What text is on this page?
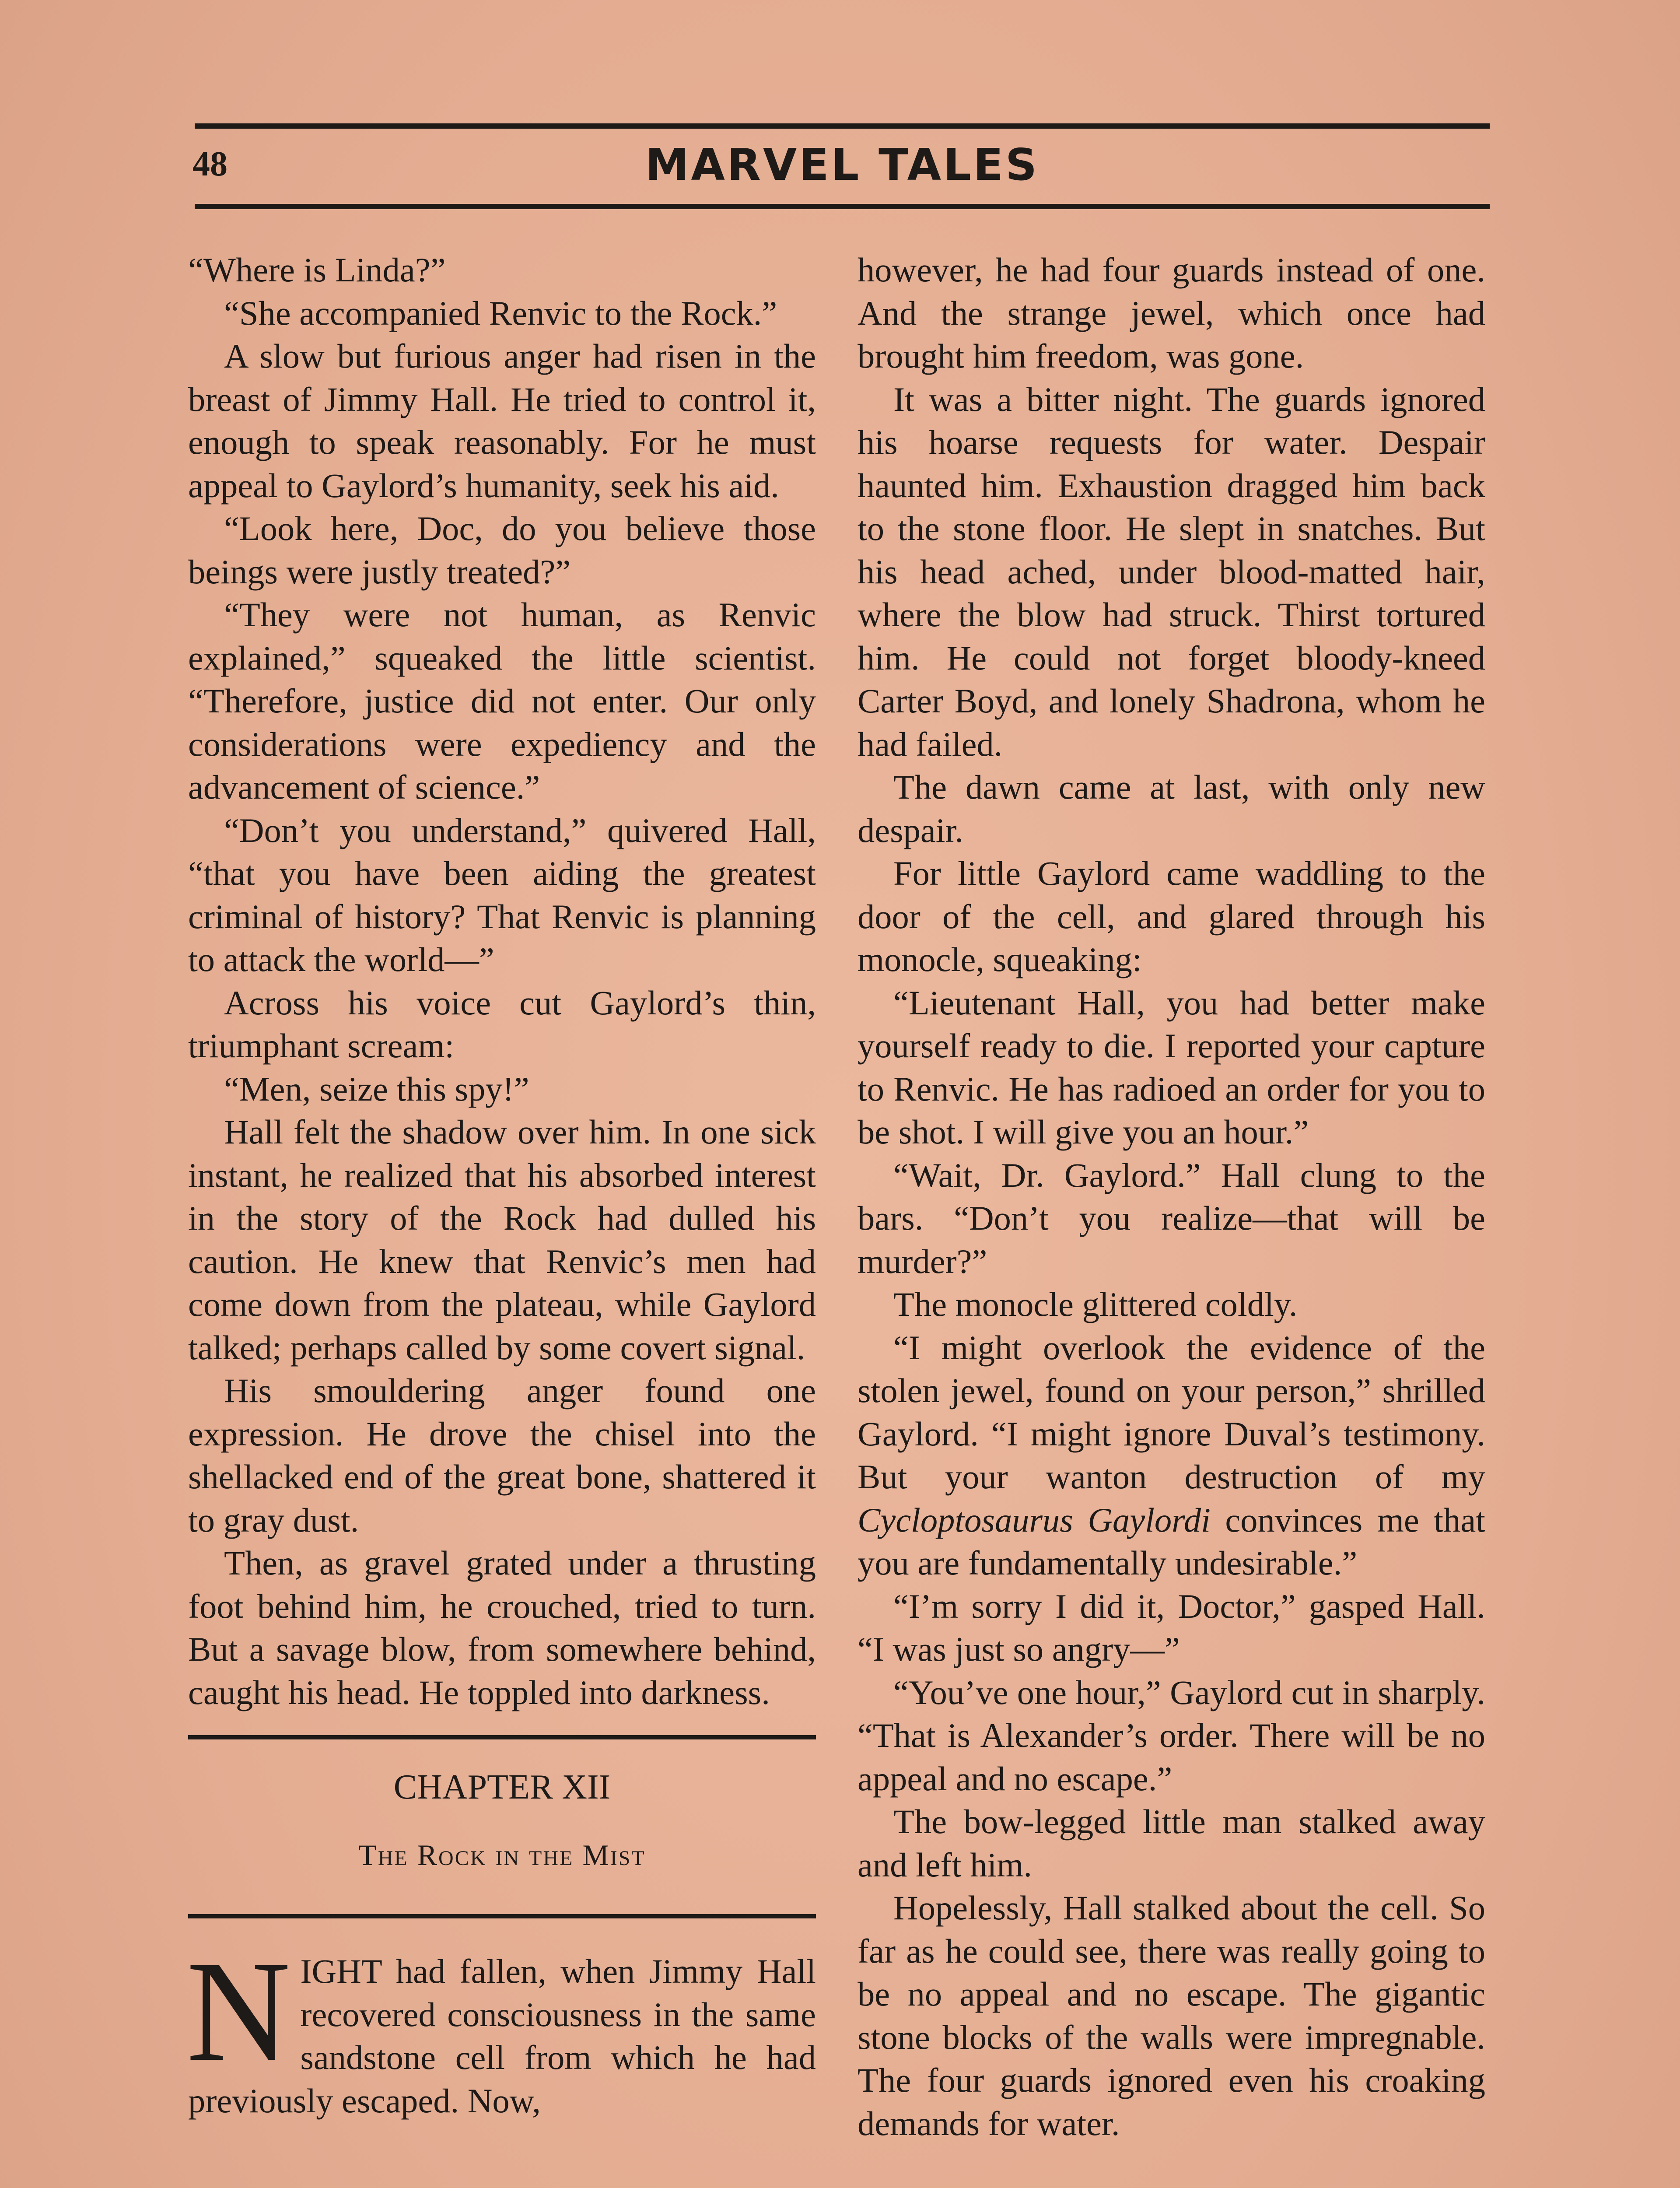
48	MARVEL TALES

“Where is Linda?”

“She accompanied Renvic to the Rock.”

A slow but furious anger had risen in the breast of Jimmy Hall. He tried to control it, enough to speak reasonably. For he must appeal to Gaylord’s humanity, seek his aid.

“Look here, Doc, do you believe those beings were justly treated?”

“They were not human, as Renvic explained,” squeaked the little scientist. “Therefore, justice did not enter. Our only considerations were expediency and the advancement of science.”

“Don’t you understand,” quivered Hall, “that you have been aiding the greatest criminal of history? That Renvic is planning to attack the world—”

Across his voice cut Gaylord’s thin, triumphant scream:

“Men, seize this spy!”

Hall felt the shadow over him. In one sick instant, he realized that his absorbed interest in the story of the Rock had dulled his caution. He knew that Renvic’s men had come down from the plateau, while Gaylord talked; perhaps called by some covert signal.

His smouldering anger found one expression. He drove the chisel into the shellacked end of the great bone, shattered it to gray dust.

Then, as gravel grated under a thrusting foot behind him, he crouched, tried to turn. But a savage blow, from somewhere behind, caught his head. He toppled into darkness.

CHAPTER XII
The Rock in the Mist

NIGHT had fallen, when Jimmy Hall recovered consciousness in the same sandstone cell from which he had previously escaped. Now,

however, he had four guards instead of one. And the strange jewel, which once had brought him freedom, was gone.

It was a bitter night. The guards ignored his hoarse requests for water. Despair haunted him. Exhaustion dragged him back to the stone floor. He slept in snatches. But his head ached, under blood-matted hair, where the blow had struck. Thirst tortured him. He could not forget bloody-kneed Carter Boyd, and lonely Shadrona, whom he had failed.

The dawn came at last, with only new despair.

For little Gaylord came waddling to the door of the cell, and glared through his monocle, squeaking:

“Lieutenant Hall, you had better make yourself ready to die. I reported your capture to Renvic. He has radioed an order for you to be shot. I will give you an hour.”

“Wait, Dr. Gaylord.” Hall clung to the bars. “Don’t you realize—that will be murder?”

The monocle glittered coldly.

“I might overlook the evidence of the stolen jewel, found on your person,” shrilled Gaylord. “I might ignore Duval’s testimony. But your wanton destruction of my Cycloptosaurus Gaylordi convinces me that you are fundamentally undesirable.”

“I’m sorry I did it, Doctor,” gasped Hall. “I was just so angry—”

“You’ve one hour,” Gaylord cut in sharply. “That is Alexander’s order. There will be no appeal and no escape.”

The bow-legged little man stalked away and left him.

Hopelessly, Hall stalked about the cell. So far as he could see, there was really going to be no appeal and no escape. The gigantic stone blocks of the walls were impregnable. The four guards ignored even his croaking demands for water.
